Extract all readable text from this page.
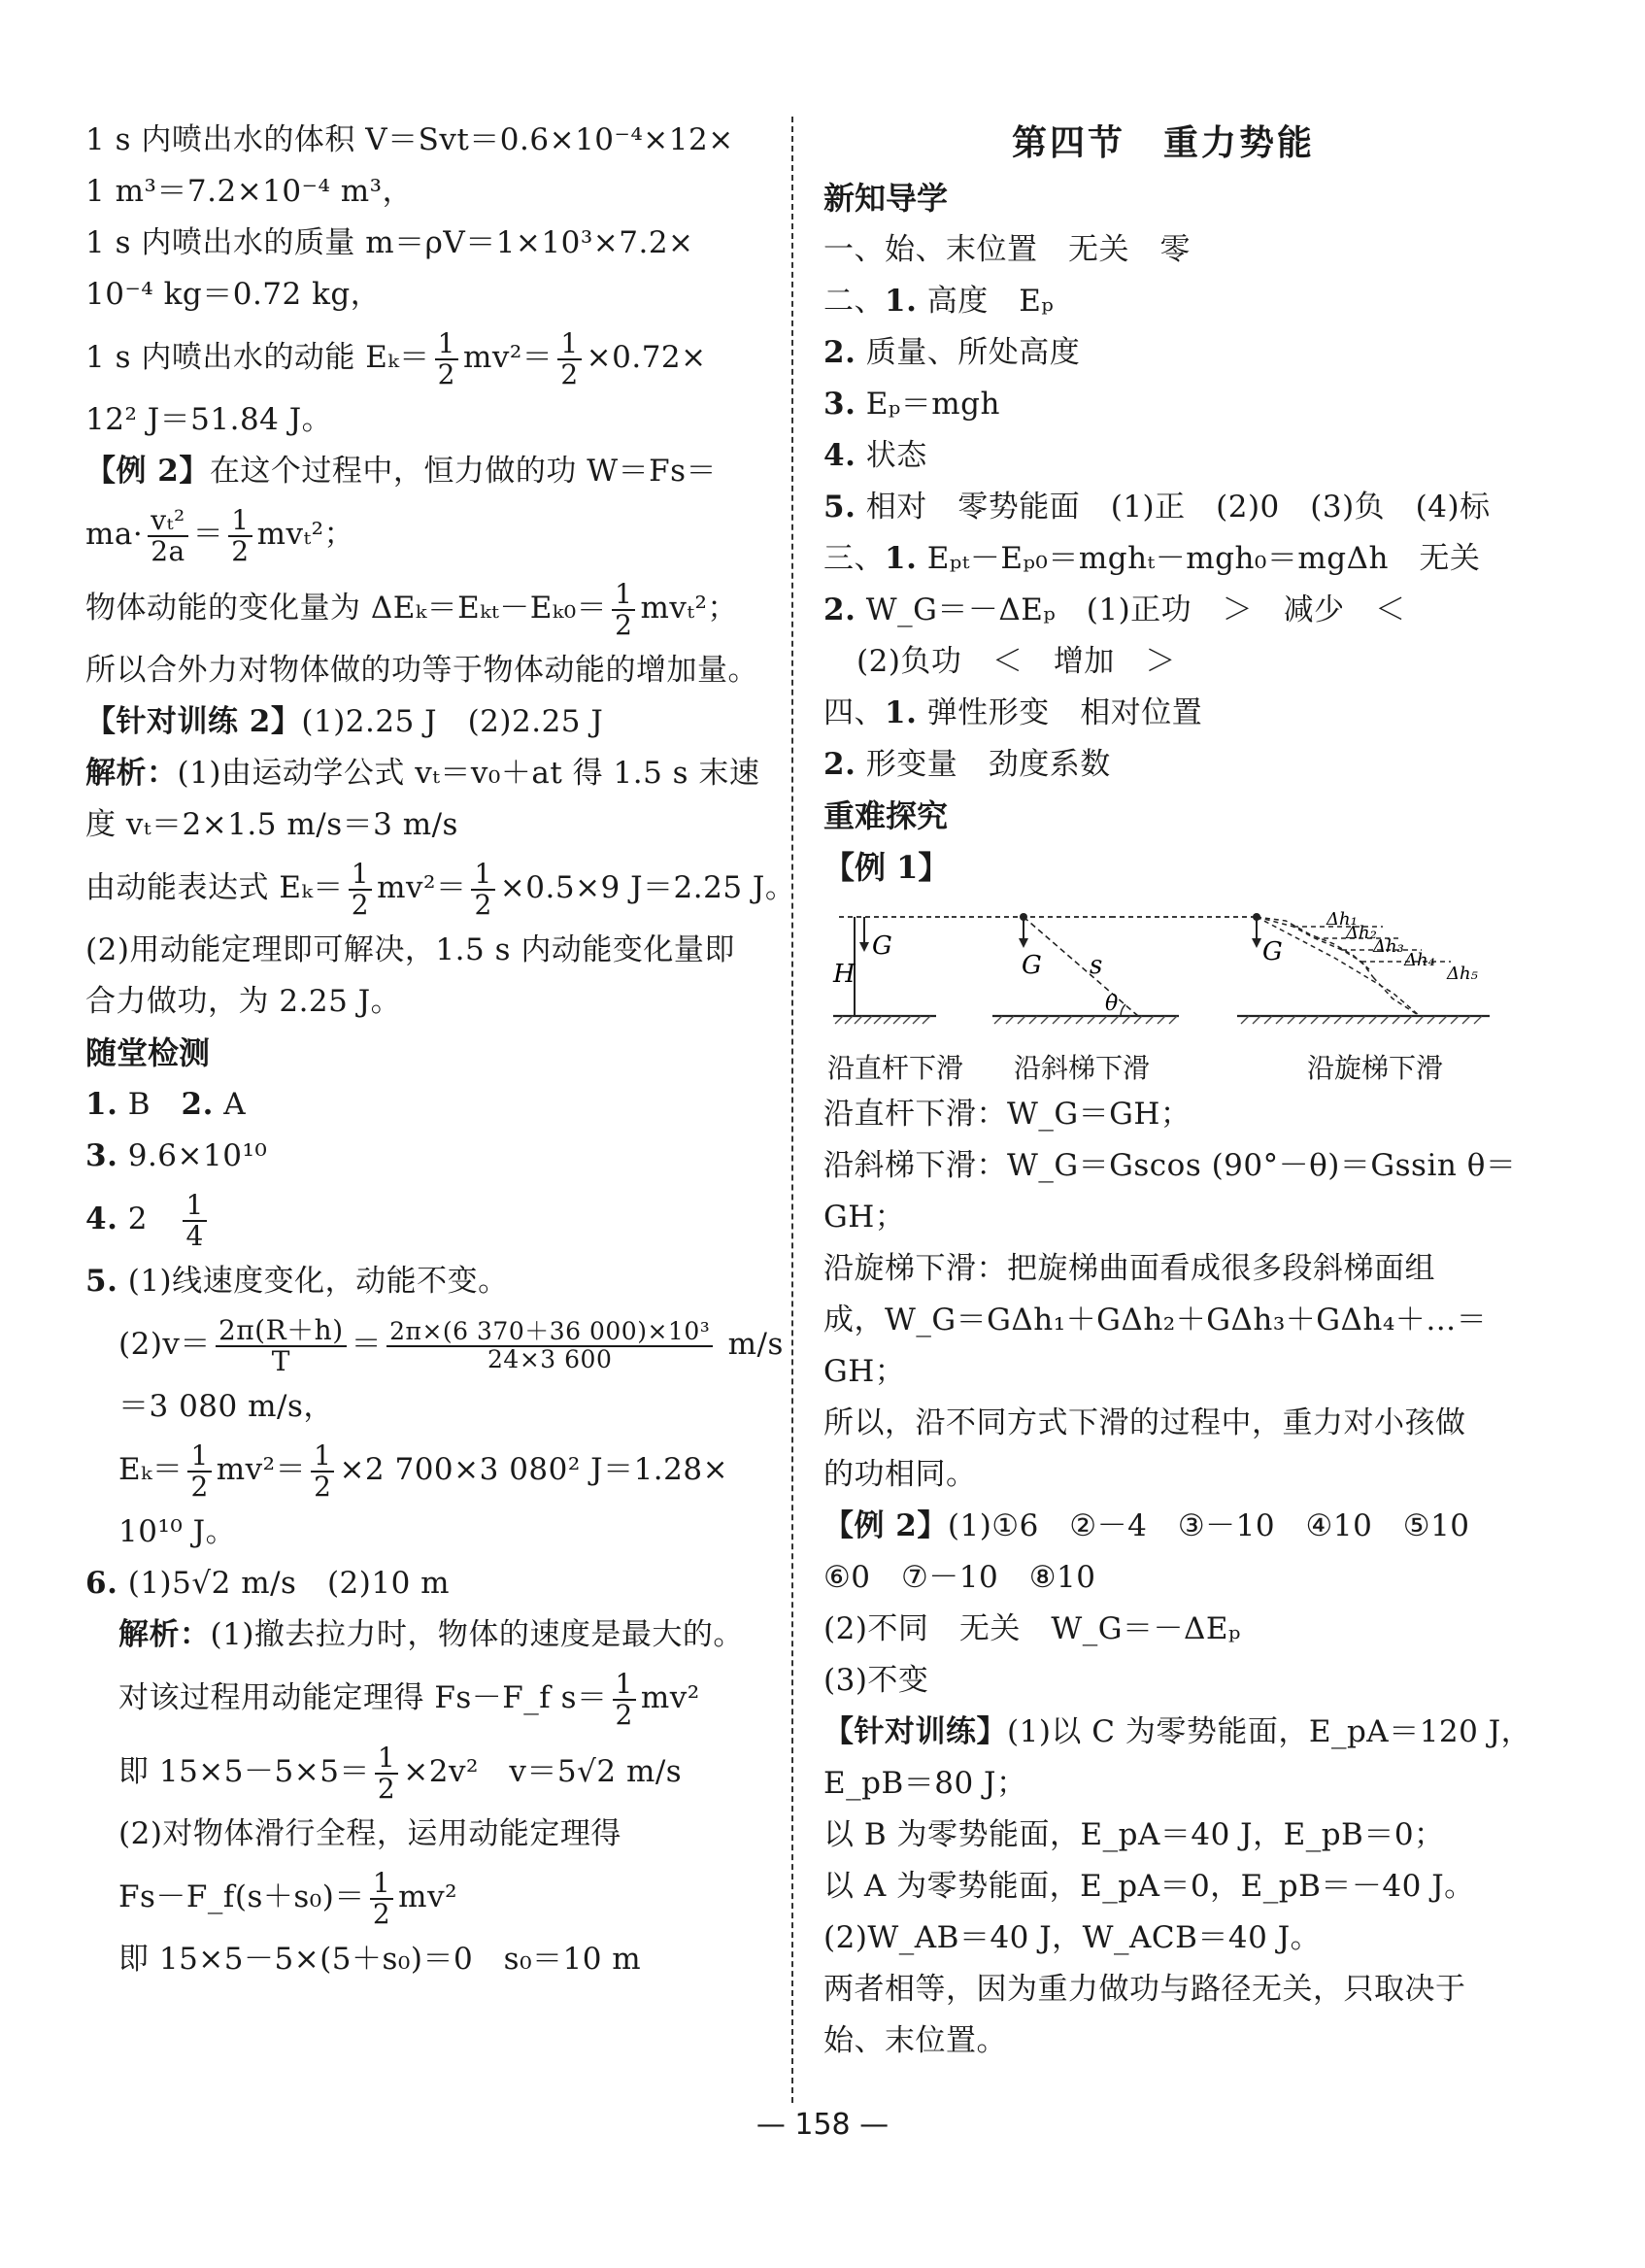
1 s 内喷出水的体积 V＝Svt＝0.6×10⁻⁴×12×
1 m³＝7.2×10⁻⁴ m³，
1 s 内喷出水的质量 m＝ρV＝1×10³×7.2×
10⁻⁴ kg＝0.72 kg，
1 s 内喷出水的动能 $E_k= \frac{1}{2} mv^2= \frac{1}{2} \times 0.72\times$
12² J＝51.84 J。
【例 2】在这个过程中，恒力做的功 W＝Fs＝
$ma\cdot \frac{\text{vₜ²}}{2a} = \frac{1}{2} mv_t^2$；
物体动能的变化量为 $\Delta E_k=E_{kt}-E_{k0}= \frac{1}{2} mv_t^2$；
所以合外力对物体做的功等于物体动能的增加量。
【针对训练 2】(1)2.25 J　(2)2.25 J
解析：(1)由运动学公式 vₜ＝v₀＋at 得 1.5 s 末速
度 vₜ＝2×1.5 m/s＝3 m/s
由动能表达式 $E_k= \frac{1}{2} mv^2= \frac{1}{2} \times 0.5\times 9$ J＝2.25 J。
(2)用动能定理即可解决，1.5 s 内动能变化量即
合力做功，为 2.25 J。
随堂检测
1. B　2. A
3. 9.6×10¹⁰
4. 2　 $\frac{1}{4}$
5. (1)线速度变化，动能不变。
$(2)v= \frac{2\pi(R+h)}{T} = \frac{\text{2π×(6 370＋36 000)×10³}}{24\times 3 600} m/s$
＝3 080 m/s，
$E_k= \frac{1}{2} mv^2= \frac{1}{2} \times 2$ 700×3 080² J＝1.28×
10¹⁰ J。
6. (1)5√2 m/s　(2)10 m
解析：(1)撤去拉力时，物体的速度是最大的。
对该过程用动能定理得 Fs－F_f $s= \frac{1}{2} mv^2$
即 $15\times 5-5\times 5= \frac{1}{2} \times 2v^2$　v＝5√2 m/s
(2)对物体滑行全程，运用动能定理得
Fs－F_f(s＋s₀)＝ $\frac{1}{2} mv^2$
即 15×5－5×(5＋s₀)＝0　s₀＝10 m
第四节　重力势能
新知导学
一、始、末位置　无关　零
二、1. 高度　Eₚ
2. 质量、所处高度
3. Eₚ＝mgh
4. 状态
5. 相对　零势能面　(1)正　(2)0　(3)负　(4)标
三、1. Eₚₜ－Eₚ₀＝mghₜ－mgh₀＝mgΔh　无关
2. W_G＝－ΔEₚ　(1)正功　＞　减少　＜
(2)负功　＜　增加　＞
四、1. 弹性形变　相对位置
2. 形变量　劲度系数
重难探究
【例 1】
G
H	G s
θ
G
Δh₁
Δh₂
Δh₃
Δh₄
Δh₅
沿直杆下滑 沿斜梯下滑	沿旋梯下滑
沿直杆下滑：W_G＝GH；
沿斜梯下滑：W_G＝Gscos (90°－θ)＝Gssin θ＝
GH；
沿旋梯下滑：把旋梯曲面看成很多段斜梯面组
成，W_G＝GΔh₁＋GΔh₂＋GΔh₃＋GΔh₄＋…＝
GH；
所以，沿不同方式下滑的过程中，重力对小孩做
的功相同。
【例 2】(1)①6　②－4　③－10　④10　⑤10
⑥0　⑦－10　⑧10
(2)不同　无关　W_G＝－ΔEₚ
(3)不变
【针对训练】(1)以 C 为零势能面，E_pA＝120 J，
E_pB＝80 J；
以 B 为零势能面，E_pA＝40 J，E_pB＝0；
以 A 为零势能面，E_pA＝0，E_pB＝－40 J。
(2)W_AB＝40 J，W_ACB＝40 J。
两者相等，因为重力做功与路径无关，只取决于
始、末位置。
— 158 —
